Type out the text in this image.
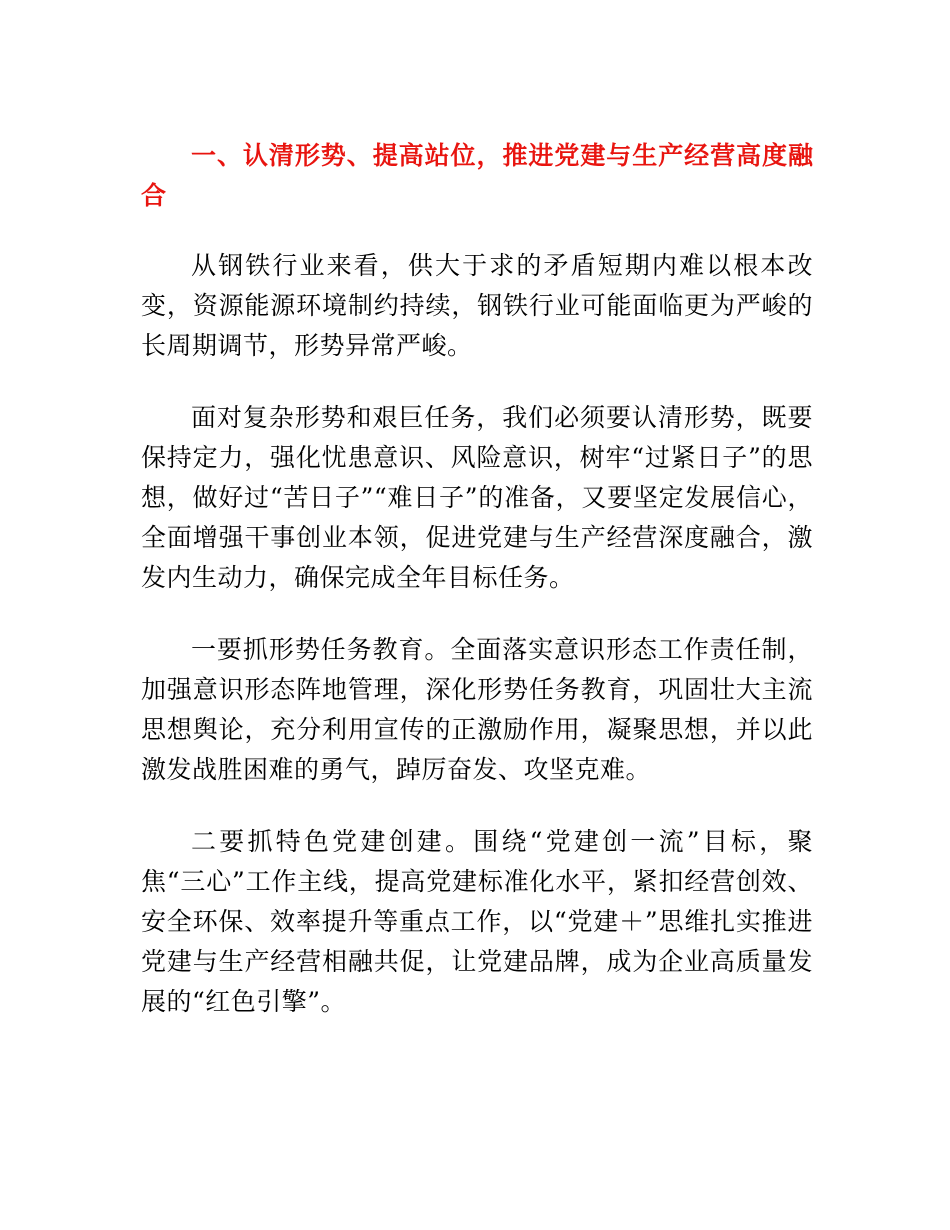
一、认清形势、提高站位，推进党建与生产经营高度融合

从钢铁行业来看，供大于求的矛盾短期内难以根本改变，资源能源环境制约持续，钢铁行业可能面临更为严峻的长周期调节，形势异常严峻。

面对复杂形势和艰巨任务，我们必须要认清形势，既要保持定力，强化忧患意识、风险意识，树牢“过紧日子”的思想，做好过“苦日子”“难日子”的准备，又要坚定发展信心，全面增强干事创业本领，促进党建与生产经营深度融合，激发内生动力，确保完成全年目标任务。

一要抓形势任务教育。全面落实意识形态工作责任制，加强意识形态阵地管理，深化形势任务教育，巩固壮大主流思想舆论，充分利用宣传的正激励作用，凝聚思想，并以此激发战胜困难的勇气，踔厉奋发、攻坚克难。

二要抓特色党建创建。围绕“党建创一流”目标，聚焦“三心”工作主线，提高党建标准化水平，紧扣经营创效、安全环保、效率提升等重点工作，以“党建＋”思维扎实推进党建与生产经营相融共促，让党建品牌，成为企业高质量发展的“红色引擎”。
